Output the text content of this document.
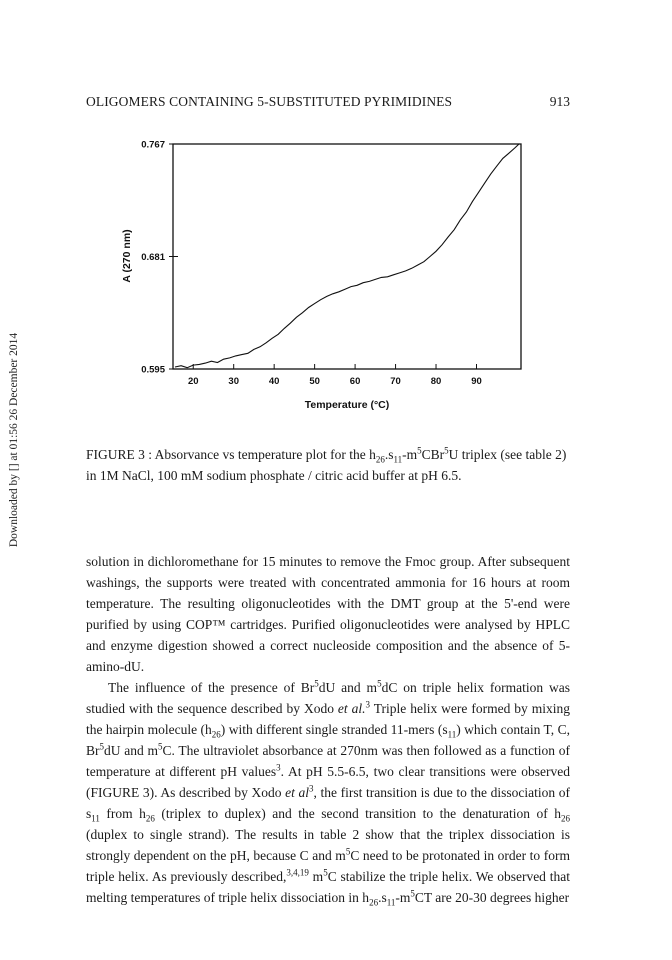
Downloaded by [] at 01:56 26 December 2014
OLIGOMERS CONTAINING 5-SUBSTITUTED PYRIMIDINES	913
20	30	40	50	60	70	80	90
0.595
0.681
0.767
Temperature (°C)
A (270 nm)
FIGURE 3 : Absorvance vs temperature plot for the $h_{26}.s_{11}-m^5CBr^5U$ triplex (see table 2) in 1M NaCl, 100 mM sodium phosphate / citric acid buffer at pH 6.5.

solution in dichloromethane for 15 minutes to remove the Fmoc group. After subsequent washings, the supports were treated with concentrated ammonia for 16 hours at room temperature. The resulting oligonucleotides with the DMT group at the 5'-end were purified by using COP™ cartridges. Purified oligonucleotides were analysed by HPLC and enzyme digestion showed a correct nucleoside composition and the absence of 5-amino-dU.

The influence of the presence of Br$^5$dU and $m^5dC$ on triple helix formation was studied with the sequence described by Xodo et al.$^3$ Triple helix were formed by mixing the hairpin molecule $(h_{26})$ with different single stranded 11-mers $(s_{11})$ which contain T, C, Br$^5$dU and $m^5C$. The ultraviolet absorbance at 270nm was then followed as a function of temperature at different pH values$^3$. At pH 5.5-6.5, two clear transitions were observed (FIGURE 3). As described by Xodo et $al^3$, the first transition is due to the dissociation of $s_{11}$ from $h_{26}$ (triplex to duplex) and the second transition to the denaturation of $h_{26}$ (duplex to single strand). The results in table 2 show that the triplex dissociation is strongly dependent on the pH, because C and $m^5C$ need to be protonated in order to form triple helix. As previously described,$^{3,4,19}$ $m^5C$ stabilize the triple helix. We observed that melting temperatures of triple helix dissociation in $h_{26}.s_{11}-m^5CT$ are 20-30 degrees higher
